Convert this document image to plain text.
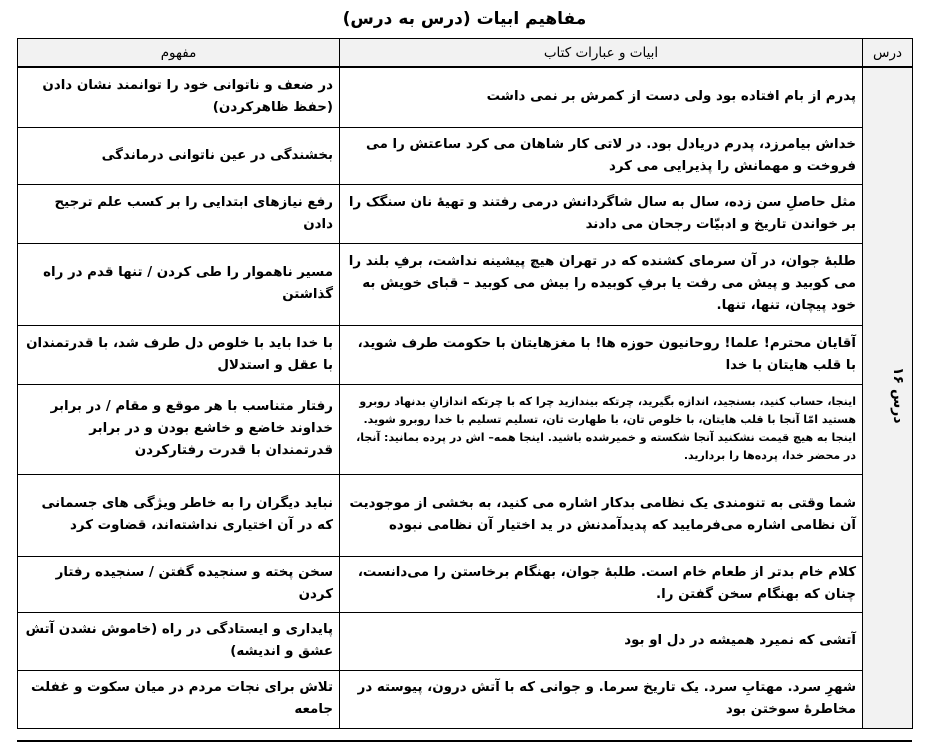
مفاهیم ابیات (درس به درس)
درس	ابیات و عبارات کتاب	مفهوم
درس ۱۶	پدرم از بام افتاده بود ولی دست از کمرش بر نمی داشت	در ضعف و ناتوانی خود را توانمند نشان دادن (حفظ ظاهرکردن)
	خداش بیامرزد، پدرم دریادل بود. در لاتی کار شاهان می کرد ساعتش را می فروخت و مهمانش را پذیرایی می کرد	بخشندگی در عین ناتوانی درماندگی
	مثل حاصلِ سن زده، سال به سال شاگردانش درمی رفتند و تهیهٔ نان سنگک را بر خواندن تاریخ و ادبیّات رجحان می دادند	رفع نیازهای ابتدایی را بر کسب علم ترجیح دادن
	طلبهٔ جوان، در آن سرمای کشنده که در تهران هیچ پیشینه نداشت، برفِ بلند را می کوبید و پیش می رفت یا برفِ کوبیده را بیش می کوبید – قبای خویش به خود پیچان، تنها، تنها.	مسیر ناهموار را طی کردن / تنها قدم در راه گذاشتن
	آقایان محترم! علما! روحانیون حوزه ها! با مغزهایتان با حکومت طرف شوید، با قلب هایتان با خدا	با خدا باید با خلوص دل طرف شد، با قدرتمندان با عقل و استدلال
	اینجا، حساب کنید، بسنجید، اندازه بگیرید، چرتکه بیندازید چرا که با چرتکه اندازانِ بدنهاد روبرو هستید امّا آنجا با قلب هایتان، با خلوص تان، با طهارت تان، تسلیم تسلیم با خدا روبرو شوید. اینجا به هیچ قیمت نشکنید آنجا شکسته و خمیرشده باشید. اینجا همه– اش در پرده بمانید: آنجا، در محضر خدا، پرده‌ها را بردارید.	رفتار متناسب با هر موقع و مقام / در برابر خداوند خاضع و خاشع بودن و در برابر قدرتمندان با قدرت رفتارکردن
	شما وقتی به تنومندی یک نظامی بدکار اشاره می کنید، به بخشی از موجودیت آن نظامی اشاره می‌فرمایید که پدیدآمدنش در ید اختیار آن نظامی نبوده	نباید دیگران را به خاطر ویژگی های جسمانی که در آن اختیاری نداشته‌اند، قضاوت کرد
	کلام خام بدتر از طعام خام است. طلبهٔ جوان، بهنگام برخاستن را می‌دانست، چنان که بهنگام سخن گفتن را.	سخن پخته و سنجیده گفتن / سنجیده رفتار کردن
	آتشی که نمیرد همیشه در دل او بود	پایداری و ایستادگی در راه (خاموش نشدن آتش عشق و اندیشه)
	شهرِ سرد. مهتابِ سرد. یک تاریخ سرما. و جوانی که با آتش درون، پیوسته در مخاطرهٔ سوختن بود	تلاش برای نجات مردم در میان سکوت و غفلت جامعه
